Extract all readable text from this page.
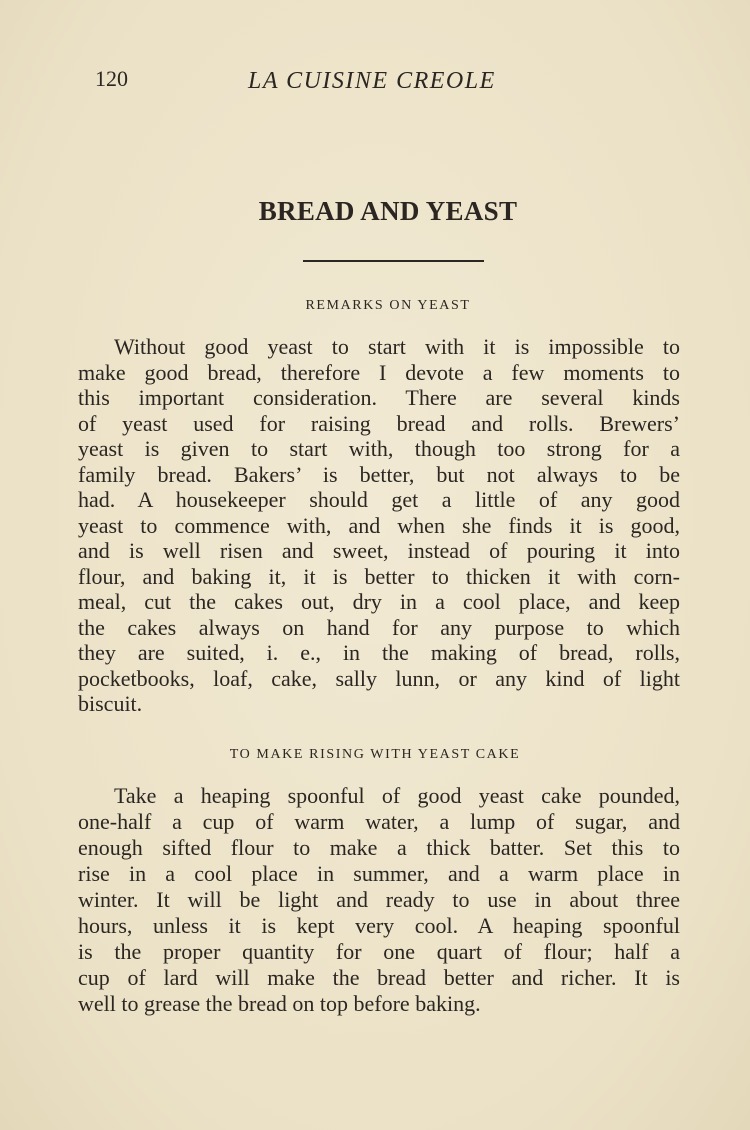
120	LA CUISINE CREOLE
BREAD AND YEAST
REMARKS ON YEAST
Without good yeast to start with it is impossible to
make good bread, therefore I devote a few moments to
this important consideration. There are several kinds
of yeast used for raising bread and rolls. Brewers’
yeast is given to start with, though too strong for a
family bread. Bakers’ is better, but not always to be
had. A housekeeper should get a little of any good
yeast to commence with, and when she finds it is good,
and is well risen and sweet, instead of pouring it into
flour, and baking it, it is better to thicken it with corn-
meal, cut the cakes out, dry in a cool place, and keep
the cakes always on hand for any purpose to which
they are suited, i. e., in the making of bread, rolls,
pocketbooks, loaf, cake, sally lunn, or any kind of light
biscuit.
TO MAKE RISING WITH YEAST CAKE
Take a heaping spoonful of good yeast cake pounded,
one-half a cup of warm water, a lump of sugar, and
enough sifted flour to make a thick batter. Set this to
rise in a cool place in summer, and a warm place in
winter. It will be light and ready to use in about three
hours, unless it is kept very cool. A heaping spoonful
is the proper quantity for one quart of flour; half a
cup of lard will make the bread better and richer. It is
well to grease the bread on top before baking.
